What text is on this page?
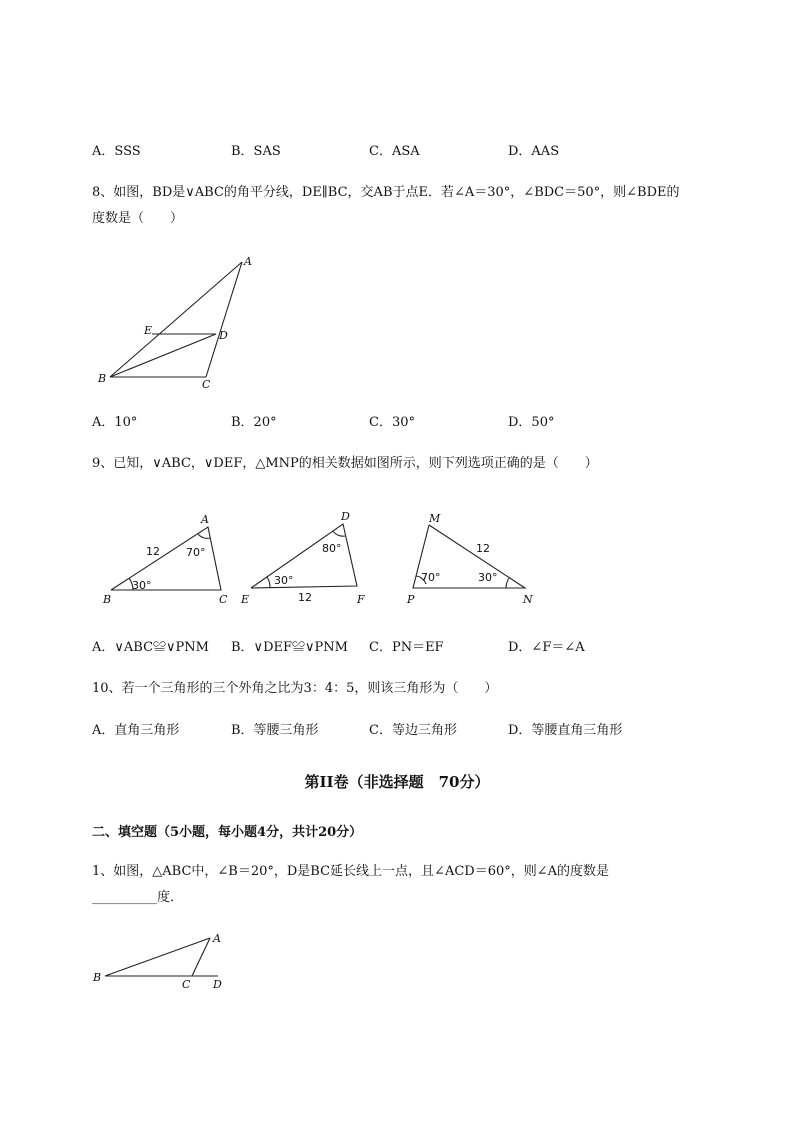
A．SSS	B．SAS	C．ASA	D．AAS
8、如图，BD是∨ABC的角平分线，DE∥BC，交AB于点E．若∠A＝30°，∠BDC＝50°，则∠BDE的
度数是（　　）
A
B	C
D
E
A．10°	B．20°	C．30°	D．50°
9、已知，∨ABC，∨DEF，△MNP的相关数据如图所示，则下列选项正确的是（　　）
A
B	C
12 70°
30°
D
E	F
12
80°
30°
M
P	N
12
70°	30°
A．∨ABC≌∨PNM B．∨DEF≌∨PNM C．PN＝EF	D．∠F＝∠A
10、若一个三角形的三个外角之比为3：4：5，则该三角形为（　　）
A．直角三角形	B．等腰三角形	C．等边三角形	D．等腰直角三角形
第II卷（非选择题　70分）
二、填空题（5小题，每小题4分，共计20分）
1、如图，△ABC中，∠B＝20°，D是BC延长线上一点，且∠ACD＝60°，则∠A的度数是
__________度．
A
B
C D
